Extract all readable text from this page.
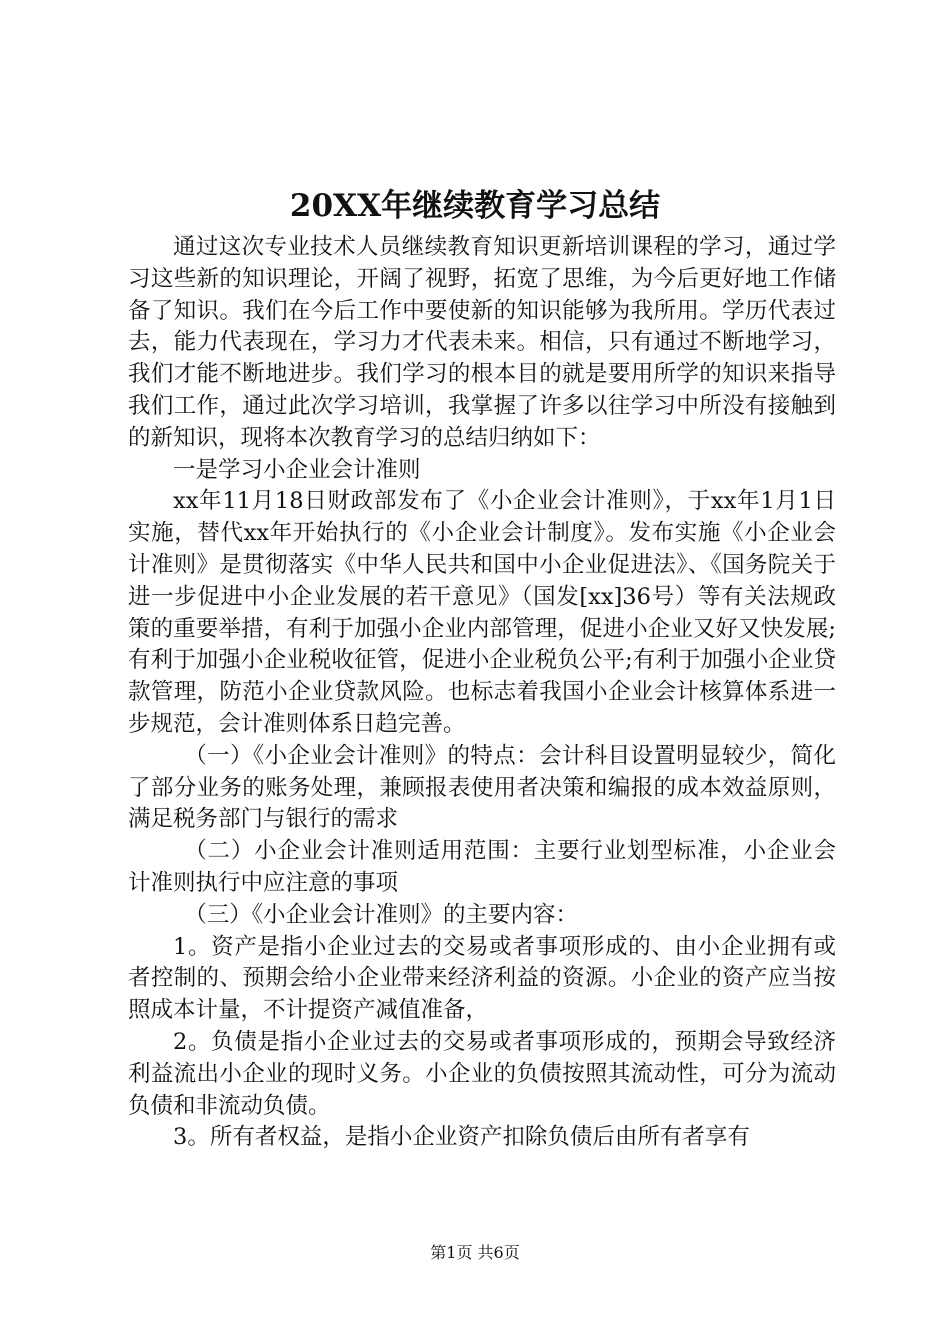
20XX年继续教育学习总结

通过这次专业技术人员继续教育知识更新培训课程的学习，通过学习这些新的知识理论，开阔了视野，拓宽了思维，为今后更好地工作储备了知识。我们在今后工作中要使新的知识能够为我所用。学历代表过去，能力代表现在，学习力才代表未来。相信，只有通过不断地学习，我们才能不断地进步。我们学习的根本目的就是要用所学的知识来指导我们工作，通过此次学习培训，我掌握了许多以往学习中所没有接触到的新知识，现将本次教育学习的总结归纳如下：

一是学习小企业会计准则

xx年11月18日财政部发布了《小企业会计准则》，于xx年1月1日实施，替代xx年开始执行的《小企业会计制度》。发布实施《小企业会计准则》是贯彻落实《中华人民共和国中小企业促进法》、《国务院关于进一步促进中小企业发展的若干意见》（国发[xx]36号）等有关法规政策的重要举措，有利于加强小企业内部管理，促进小企业又好又快发展;有利于加强小企业税收征管，促进小企业税负公平;有利于加强小企业贷款管理，防范小企业贷款风险。也标志着我国小企业会计核算体系进一步规范，会计准则体系日趋完善。

（一）《小企业会计准则》的特点：会计科目设置明显较少，简化了部分业务的账务处理，兼顾报表使用者决策和编报的成本效益原则，满足税务部门与银行的需求

（二）小企业会计准则适用范围：主要行业划型标准，小企业会计准则执行中应注意的事项

（三）《小企业会计准则》的主要内容：

1。资产是指小企业过去的交易或者事项形成的、由小企业拥有或者控制的、预期会给小企业带来经济利益的资源。小企业的资产应当按照成本计量，不计提资产减值准备，

2。负债是指小企业过去的交易或者事项形成的，预期会导致经济利益流出小企业的现时义务。小企业的负债按照其流动性，可分为流动负债和非流动负债。

3。所有者权益，是指小企业资产扣除负债后由所有者享有

第1页 共6页
